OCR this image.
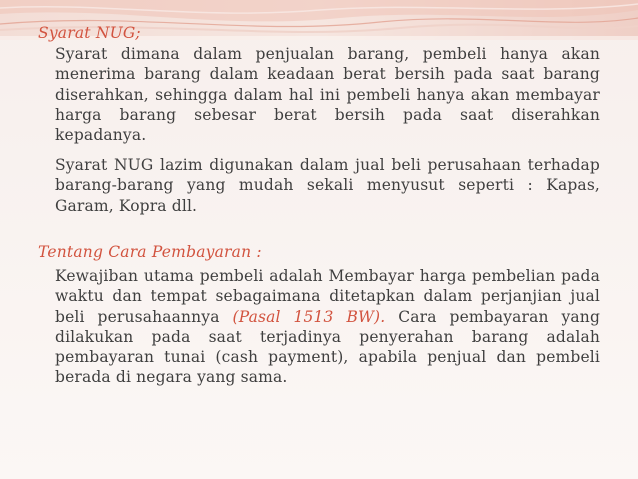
Syarat NUG;
Syarat dimana dalam penjualan barang, pembeli hanya akan menerima barang dalam keadaan berat bersih pada saat barang diserahkan, sehingga dalam hal ini pembeli hanya akan membayar harga barang sebesar berat bersih pada saat diserahkan kepadanya.
Syarat NUG lazim digunakan dalam jual beli perusahaan terhadap barang-barang yang mudah sekali menyusut seperti : Kapas, Garam, Kopra dll.
Tentang Cara Pembayaran :
Kewajiban utama pembeli adalah Membayar harga pembelian pada waktu dan tempat sebagaimana ditetapkan dalam perjanjian jual beli perusahaannya (Pasal 1513 BW). Cara pembayaran yang dilakukan pada saat terjadinya penyerahan barang adalah pembayaran tunai (cash payment), apabila penjual dan pembeli berada di negara yang sama.
